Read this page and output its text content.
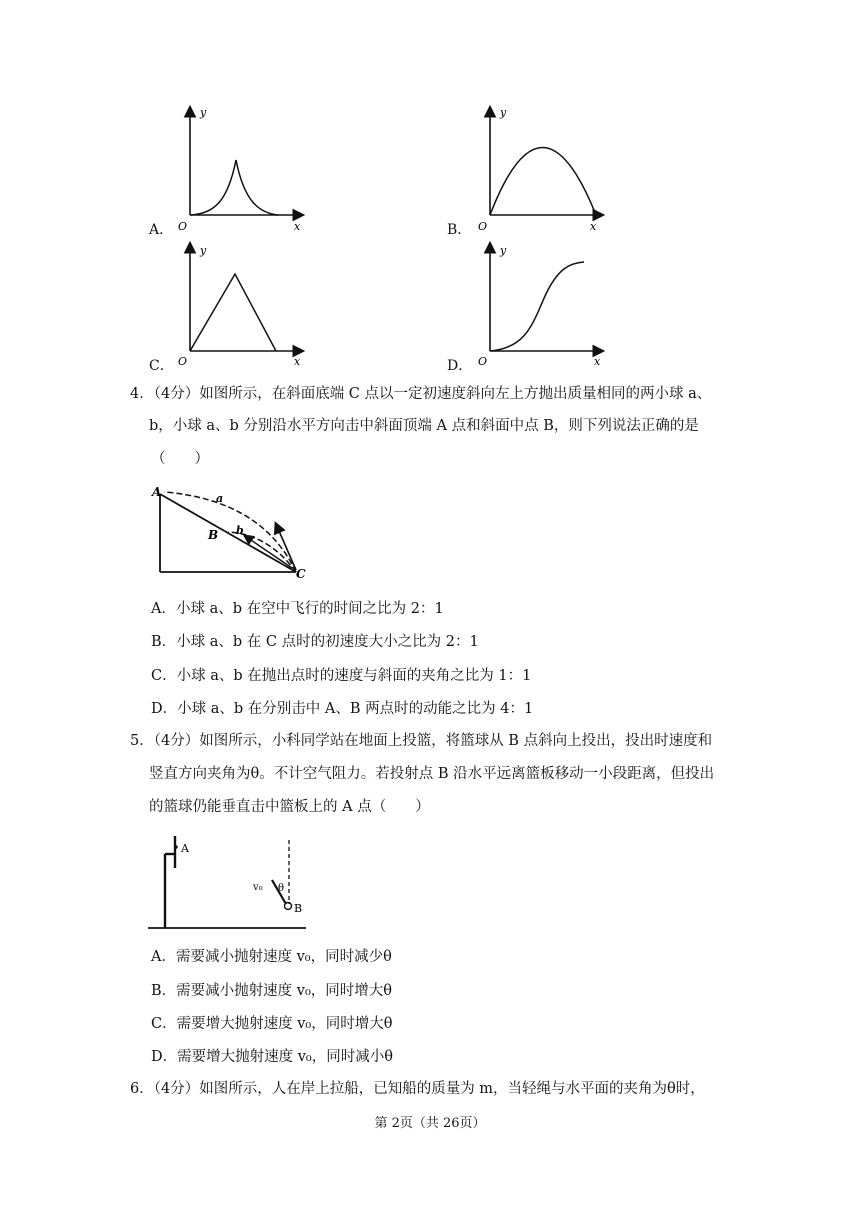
A．
y
O	x	B．
y
O	x
C．
y
O	x	D．
y
O	x
4．（4分）如图所示，在斜面底端 C 点以一定初速度斜向左上方抛出质量相同的两小球 a、
b，小球 a、b 分别沿水平方向击中斜面顶端 A 点和斜面中点 B，则下列说法正确的是
（　　）
A
B
C
a
b
A．小球 a、b 在空中飞行的时间之比为 2：1
B．小球 a、b 在 C 点时的初速度大小之比为 2：1
C．小球 a、b 在抛出点时的速度与斜面的夹角之比为 1：1
D．小球 a、b 在分别击中 A、B 两点时的动能之比为 4：1
5．（4分）如图所示，小科同学站在地面上投篮，将篮球从 B 点斜向上投出，投出时速度和
竖直方向夹角为θ。不计空气阻力。若投射点 B 沿水平远离篮板移动一小段距离，但投出
的篮球仍能垂直击中篮板上的 A 点（　　）
A
B
v₀ θ
A．需要减小抛射速度 v₀，同时减少θ
B．需要减小抛射速度 v₀，同时增大θ
C．需要增大抛射速度 v₀，同时增大θ
D．需要增大抛射速度 v₀，同时减小θ
6．（4分）如图所示，人在岸上拉船，已知船的质量为 m，当轻绳与水平面的夹角为θ时，
第 2页（共 26页）
